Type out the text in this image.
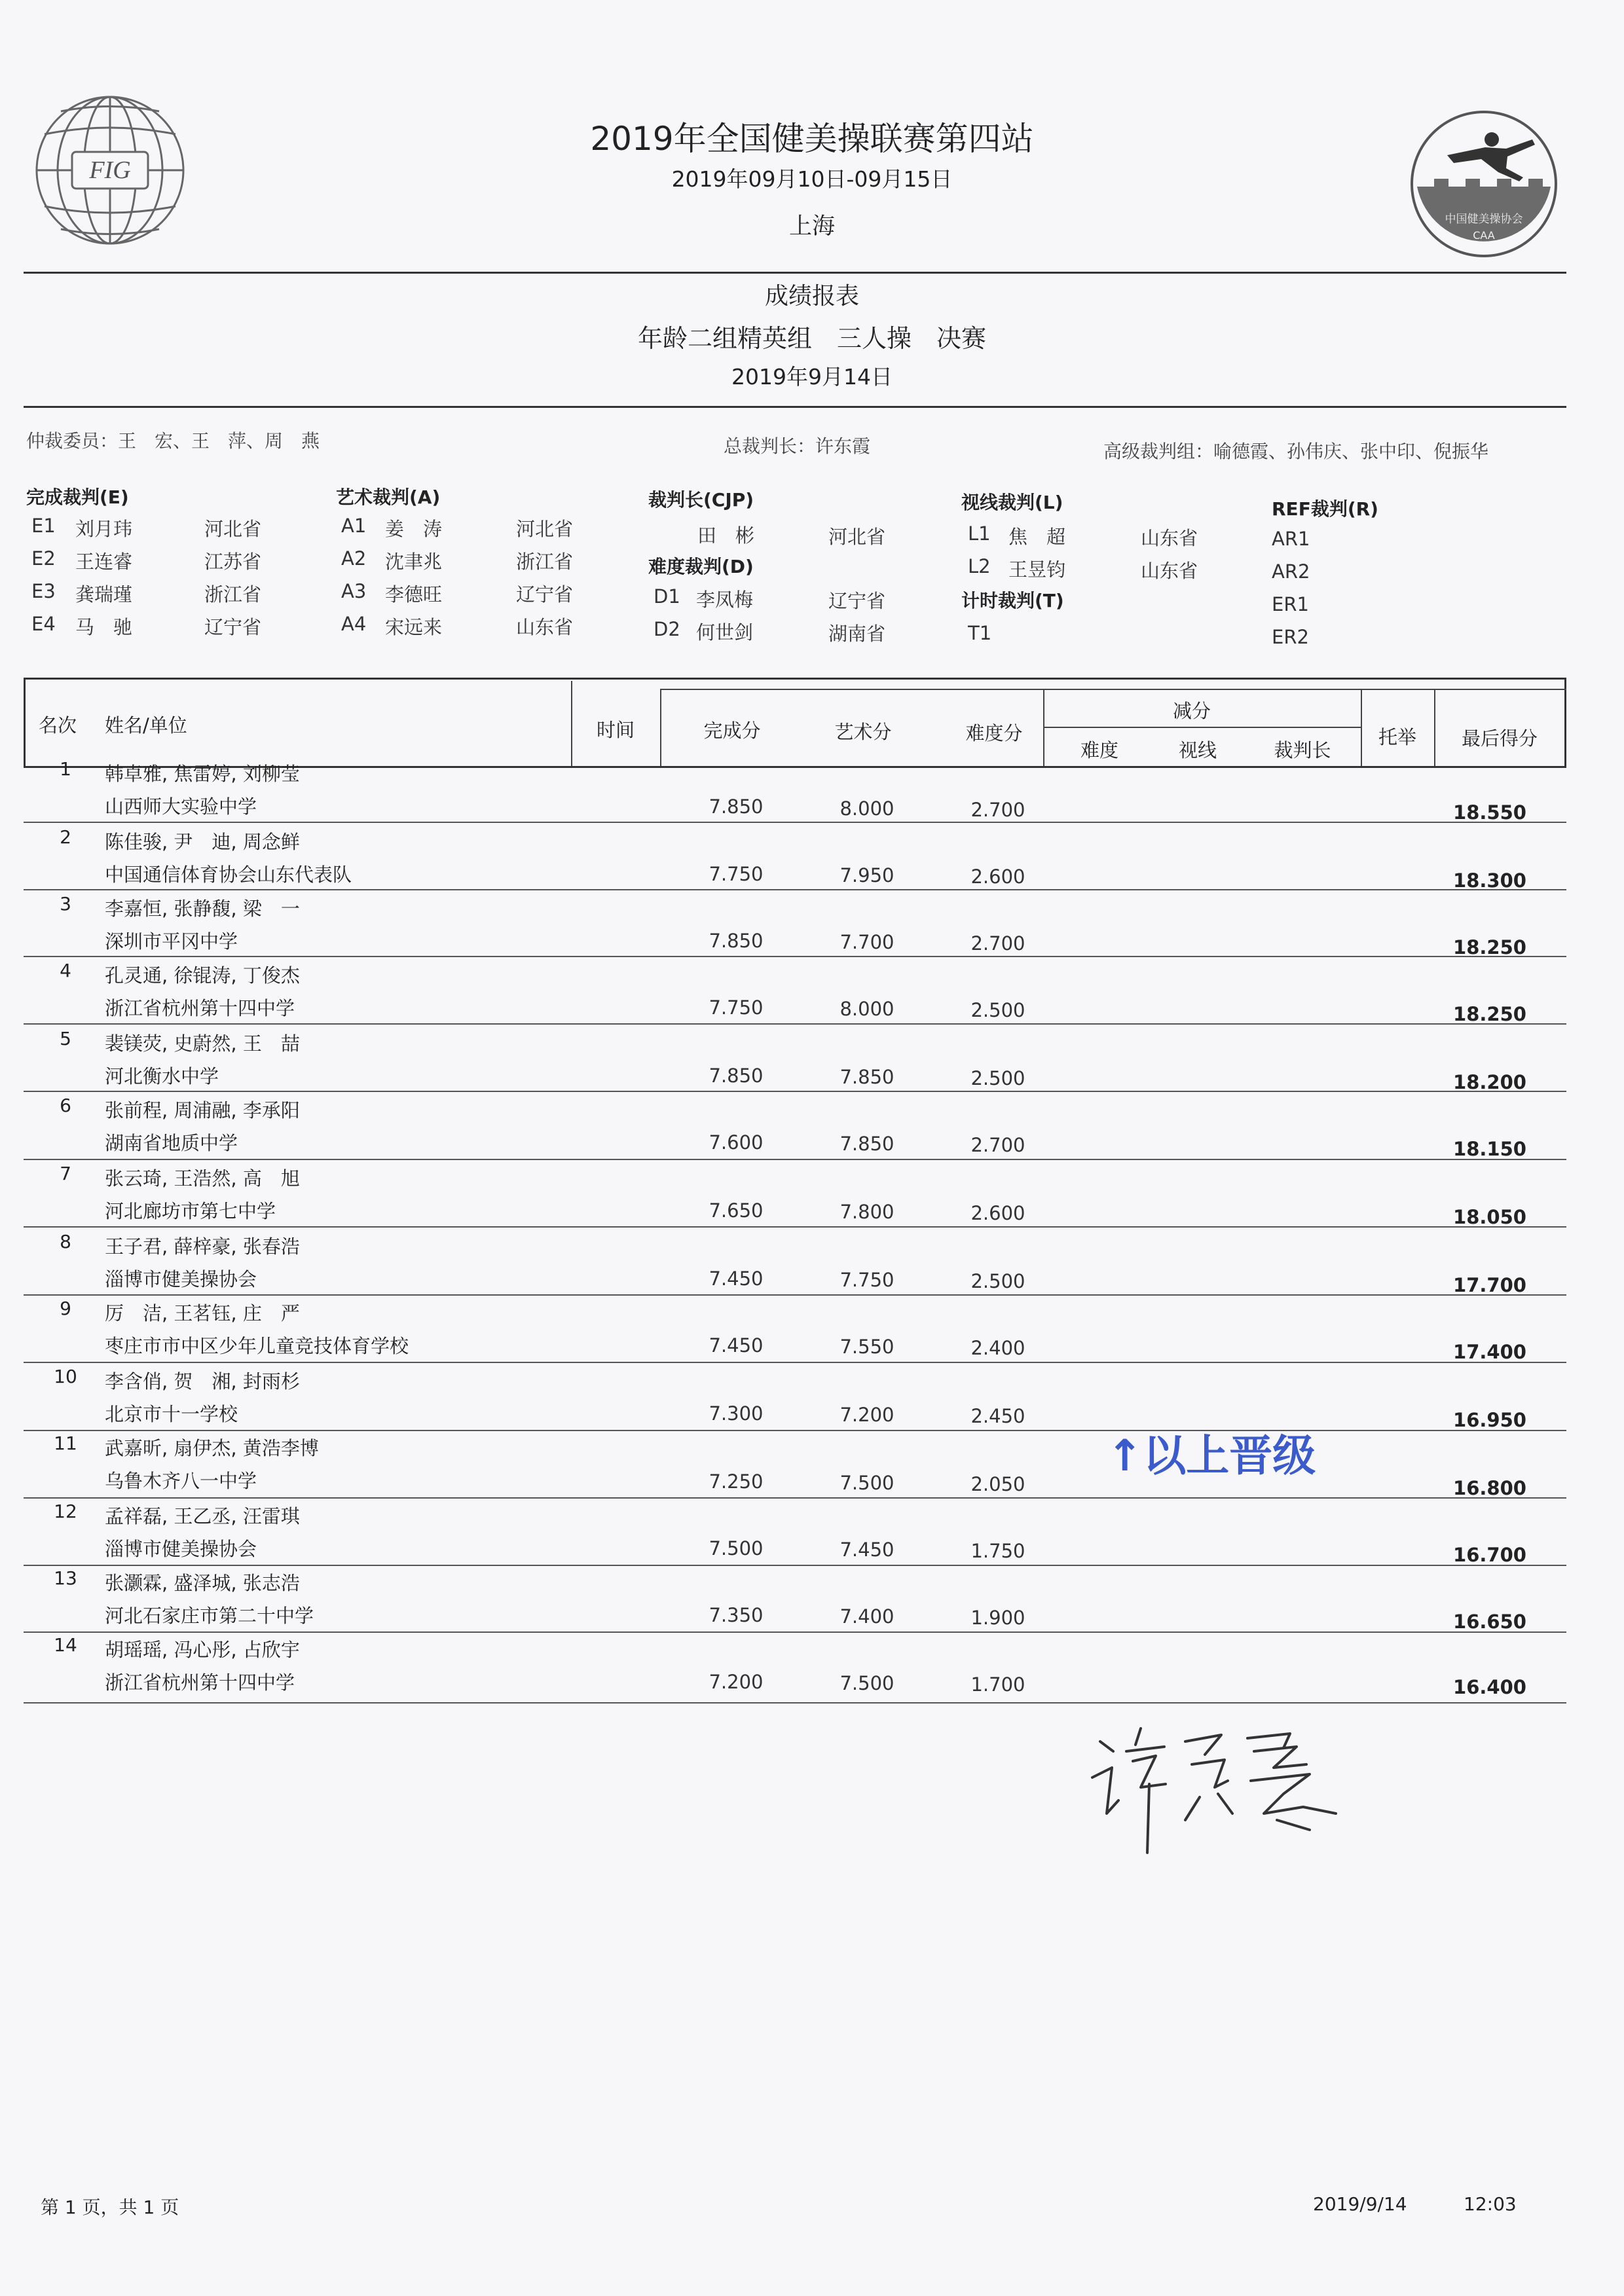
FIG
中国健美操协会
CAA
2019年全国健美操联赛第四站
2019年09月10日-09月15日
上海
成绩报表
年龄二组精英组　三人操　决赛
2019年9月14日
仲裁委员：王　宏、王　萍、周　燕	总裁判长：许东霞	高级裁判组：喻德霞、孙伟庆、张中印、倪振华
完成裁判(E)
E1 刘月玮	河北省
E2 王连睿	江苏省
E3 龚瑞瑾	浙江省
E4 马　驰	辽宁省
艺术裁判(A)
A1 姜　涛	河北省
A2 沈聿兆	浙江省
A3 李德旺	辽宁省
A4 宋远来	山东省
裁判长(CJP)
田　彬	河北省
难度裁判(D)
D1 李凤梅	辽宁省
D2 何世剑	湖南省
视线裁判(L)
L1 焦　超	山东省
L2 王昱钧	山东省
计时裁判(T)
T1
REF裁判(R)
AR1
AR2
ER1
ER2
名次	姓名/单位	时间	完成分	艺术分	难度分
减分
难度	视线	裁判长
托举	最后得分
1	韩卓雅, 焦雷婷, 刘柳莹
山西师大实验中学	7.850	8.000	2.700	18.550
2	陈佳骏, 尹　迪, 周念鲜
中国通信体育协会山东代表队	7.750	7.950	2.600	18.300
3	李嘉恒, 张静馥, 梁　一
深圳市平冈中学	7.850	7.700	2.700	18.250
4	孔灵通, 徐锟涛, 丁俊杰
浙江省杭州第十四中学	7.750	8.000	2.500	18.250
5	裴镁荧, 史蔚然, 王　喆
河北衡水中学	7.850	7.850	2.500	18.200
6	张前程, 周浦融, 李承阳
湖南省地质中学	7.600	7.850	2.700	18.150
7	张云琦, 王浩然, 高　旭
河北廊坊市第七中学	7.650	7.800	2.600	18.050
8	王子君, 薛梓豪, 张春浩
淄博市健美操协会	7.450	7.750	2.500	17.700
9	厉　洁, 王茗钰, 庄　严
枣庄市市中区少年儿童竞技体育学校	7.450	7.550	2.400	17.400
10	李含俏, 贺　湘, 封雨杉
北京市十一学校	7.300	7.200	2.450	16.950
11	武嘉昕, 扇伊杰, 黄浩李博
乌鲁木齐八一中学	7.250	7.500	2.050	16.800
12	孟祥磊, 王乙丞, 汪雷琪
淄博市健美操协会	7.500	7.450	1.750	16.700
13	张灏霖, 盛泽城, 张志浩
河北石家庄市第二十中学	7.350	7.400	1.900	16.650
14	胡瑶瑶, 冯心彤, 占欣宇
浙江省杭州第十四中学	7.200	7.500	1.700	16.400
↑以上晋级
第 1 页，共 1 页	2019/9/14	12:03
